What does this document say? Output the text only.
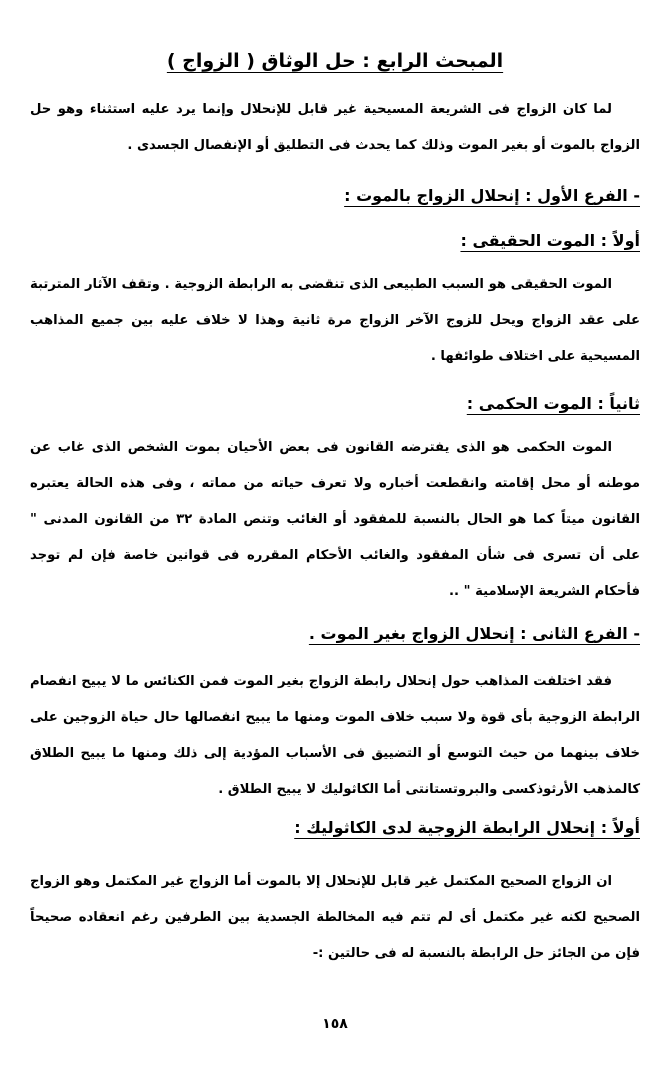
المبحث الرابع : حل الوثاق ( الزواج )

لما كان الزواج فى الشريعة المسيحية غير قابل للإنحلال وإنما يرد عليه استثناء وهو حل الزواج بالموت أو بغير الموت وذلك كما يحدث فى التطليق أو الإنفصال الجسدى .

- الفرع الأول : إنحلال الزواج بالموت :
أولاً : الموت الحقيقى :

الموت الحقيقى هو السبب الطبيعى الذى تنقضى به الرابطة الزوجية . وتقف الآثار المترتبة على عقد الزواج ويحل للزوج الآخر الزواج مرة ثانية وهذا لا خلاف عليه بين جميع المذاهب المسيحية على اختلاف طوائفها .

ثانياً : الموت الحكمى :

الموت الحكمى هو الذى يفترضه القانون فى بعض الأحيان بموت الشخص الذى غاب عن موطنه أو محل إقامته وانقطعت أخباره ولا تعرف حياته من مماته ، وفى هذه الحالة يعتبره القانون ميتاً كما هو الحال بالنسبة للمفقود أو الغائب وتنص المادة ٣٢ من القانون المدنى " على أن تسرى فى شأن المفقود والغائب الأحكام المقرره فى قوانين خاصة فإن لم توجد فأحكام الشريعة الإسلامية " ..

- الفرع الثانى : إنحلال الزواج بغير الموت .

فقد اختلفت المذاهب حول إنحلال رابطة الزواج بغير الموت فمن الكنائس ما لا يبيح انفصام الرابطة الزوجية بأى قوة ولا سبب خلاف الموت ومنها ما يبيح انفصالها حال حياة الزوجين على خلاف بينهما من حيث التوسع أو التضييق فى الأسباب المؤدية إلى ذلك ومنها ما يبيح الطلاق كالمذهب الأرثوذكسى والبروتستانتى أما الكاثوليك لا يبيح الطلاق .

أولاً : إنحلال الرابطة الزوجية لدى الكاثوليك :

ان الزواج الصحيح المكتمل غير قابل للإنحلال إلا بالموت أما الزواج غير المكتمل وهو الزواج الصحيح لكنه غير مكتمل أى لم تتم فيه المخالطة الجسدية بين الطرفين رغم انعقاده صحيحاً فإن من الجائز حل الرابطة بالنسبة له فى حالتين :-

١٥٨
